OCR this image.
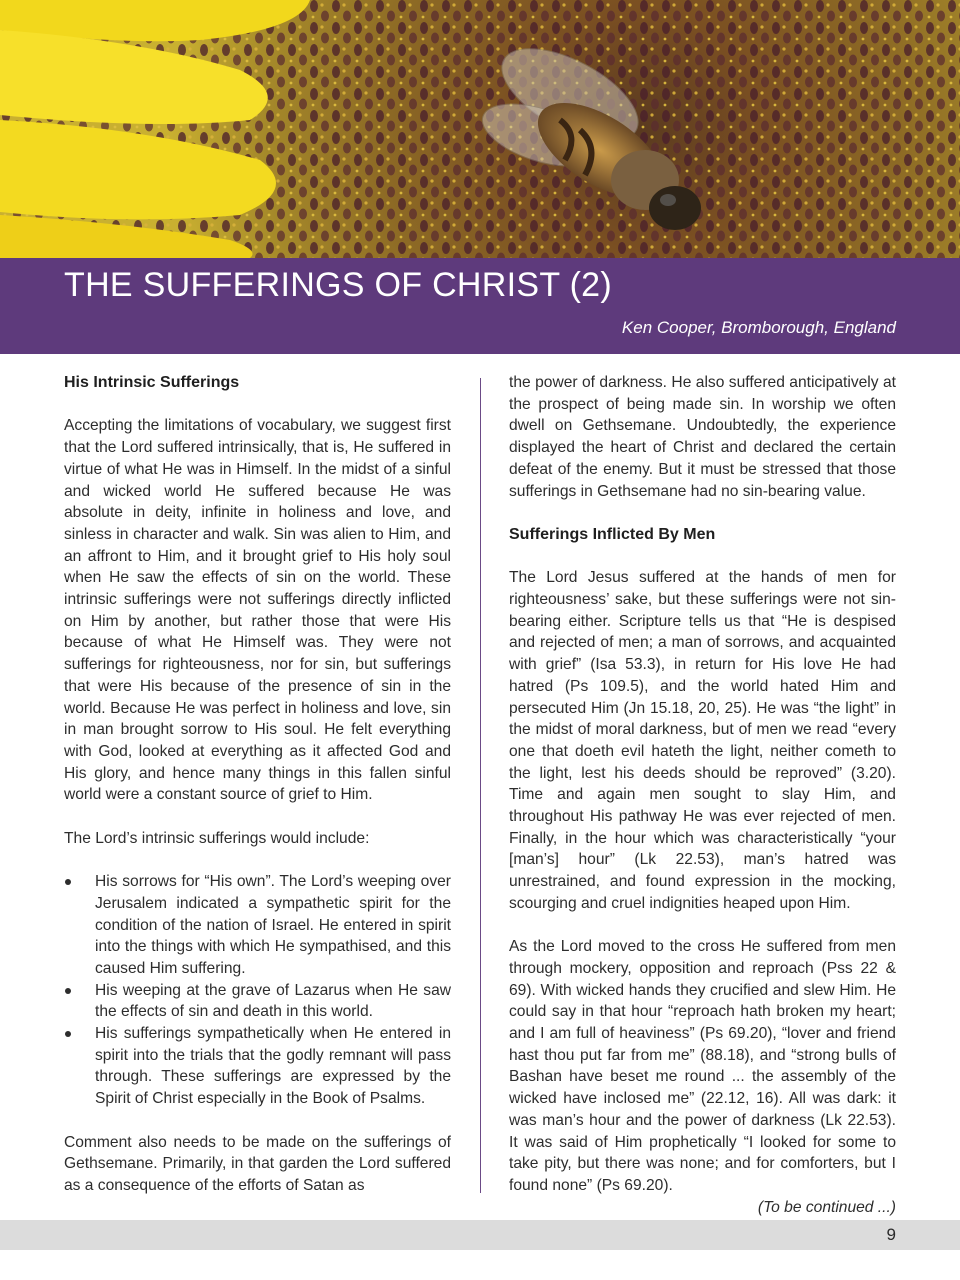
THE SUFFERINGS OF CHRIST (2)
Ken Cooper, Bromborough, England
His Intrinsic Sufferings

Accepting the limitations of vocabulary, we suggest first that the Lord suffered intrinsically, that is, He suffered in virtue of what He was in Himself. In the midst of a sinful and wicked world He suffered because He was absolute in deity, infinite in holiness and love, and sinless in character and walk. Sin was alien to Him, and an affront to Him, and it brought grief to His holy soul when He saw the effects of sin on the world. These intrinsic sufferings were not sufferings directly inflicted on Him by another, but rather those that were His because of what He Himself was. They were not sufferings for righteousness, nor for sin, but sufferings that were His because of the presence of sin in the world. Because He was perfect in holiness and love, sin in man brought sorrow to His soul. He felt everything with God, looked at everything as it affected God and His glory, and hence many things in this fallen sinful world were a constant source of grief to Him.

The Lord’s intrinsic sufferings would include:

His sorrows for “His own”. The Lord’s weeping over Jerusalem indicated a sympathetic spirit for the condition of the nation of Israel. He entered in spirit into the things with which He sympathised, and this caused Him suffering.
His weeping at the grave of Lazarus when He saw the effects of sin and death in this world.
His sufferings sympathetically when He entered in spirit into the trials that the godly remnant will pass through. These sufferings are expressed by the Spirit of Christ especially in the Book of Psalms.

Comment also needs to be made on the sufferings of Gethsemane. Primarily, in that garden the Lord suffered as a consequence of the efforts of Satan as

the power of darkness. He also suffered anticipatively at the prospect of being made sin. In worship we often dwell on Gethsemane. Undoubtedly, the experience displayed the heart of Christ and declared the certain defeat of the enemy. But it must be stressed that those sufferings in Gethsemane had no sin-bearing value.

Sufferings Inflicted By Men

The Lord Jesus suffered at the hands of men for righteousness’ sake, but these sufferings were not sin-bearing either. Scripture tells us that “He is despised and rejected of men; a man of sorrows, and acquainted with grief” (Isa 53.3), in return for His love He had hatred (Ps 109.5), and the world hated Him and persecuted Him (Jn 15.18, 20, 25). He was “the light” in the midst of moral darkness, but of men we read “every one that doeth evil hateth the light, neither cometh to the light, lest his deeds should be reproved” (3.20). Time and again men sought to slay Him, and throughout His pathway He was ever rejected of men. Finally, in the hour which was characteristically “your [man’s] hour” (Lk 22.53), man’s hatred was unrestrained, and found expression in the mocking, scourging and cruel indignities heaped upon Him.

As the Lord moved to the cross He suffered from men through mockery, opposition and reproach (Pss 22 & 69). With wicked hands they crucified and slew Him. He could say in that hour “reproach hath broken my heart; and I am full of heaviness” (Ps 69.20), “lover and friend hast thou put far from me” (88.18), and “strong bulls of Bashan have beset me round ... the assembly of the wicked have inclosed me” (22.12, 16). All was dark: it was man’s hour and the power of darkness (Lk 22.53). It was said of Him prophetically “I looked for some to take pity, but there was none; and for comforters, but I found none” (Ps 69.20).

(To be continued ...)

9
